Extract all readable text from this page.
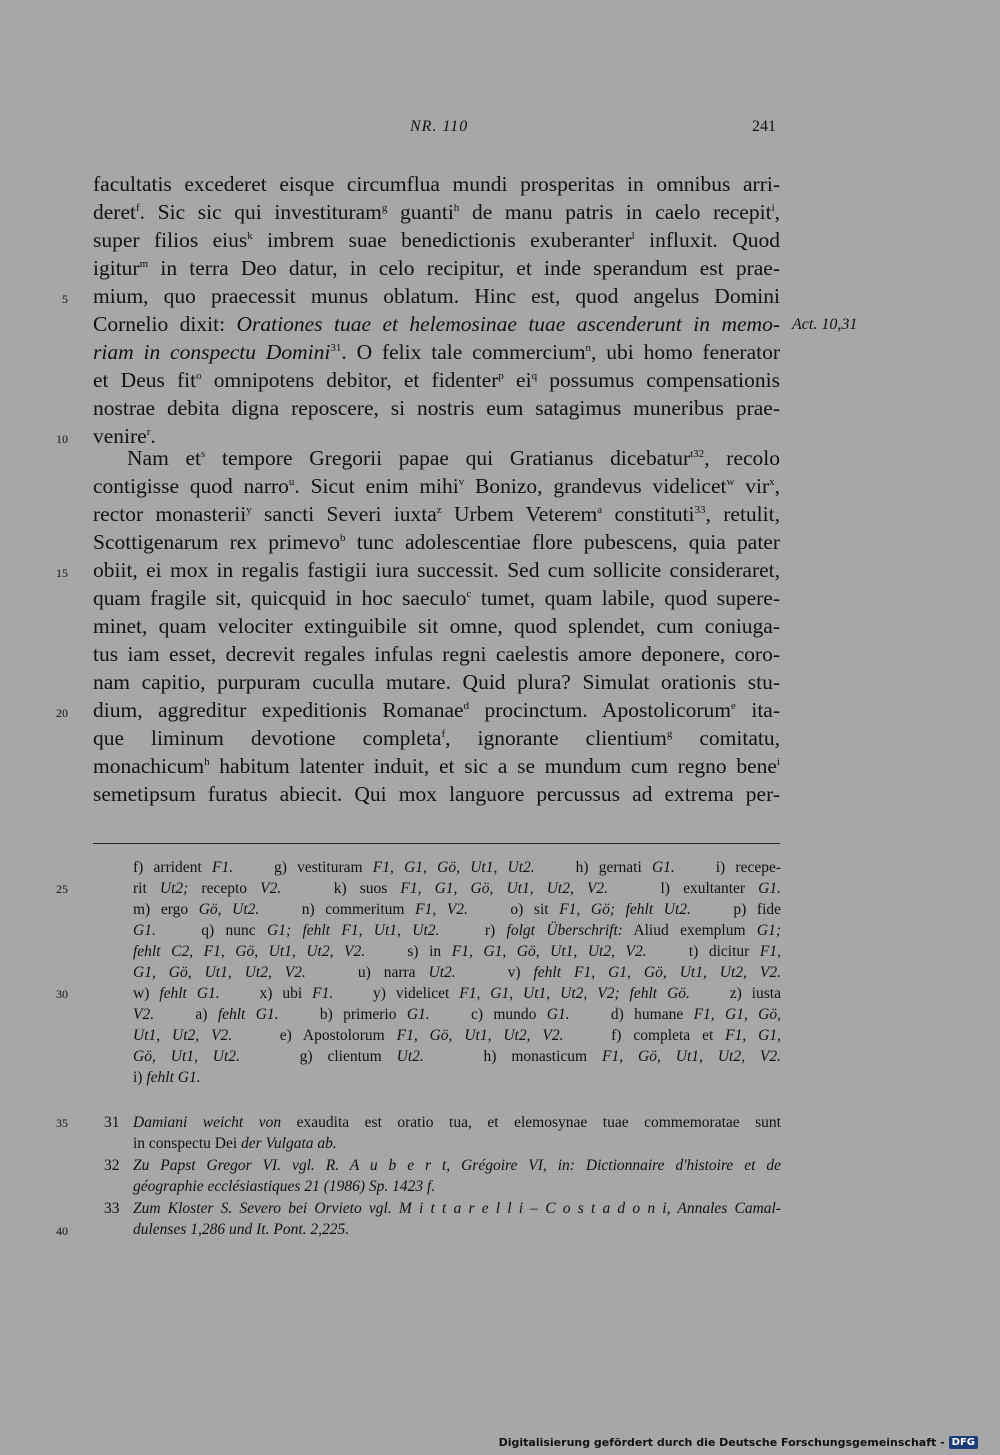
NR. 110	241
facultatis excederet eisque circumflua mundi prosperitas in omnibus arri-
deret$^f$. Sic sic qui investituram$^g$ guanti$^h$ de manu patris in caelo recepit$^i$,
super filios eius$^k$ imbrem suae benedictionis exuberanter$^l$ influxit. Quod
igitur$^m$ in terra Deo datur, in celo recipitur, et inde sperandum est prae-
mium, quo praecessit munus oblatum. Hinc est, quod angelus Domini
Cornelio dixit: Orationes tuae et helemosinae tuae ascenderunt in memo-
riam in conspectu Domini$^{31}$. O felix tale commercium$^n$, ubi homo fenerator
et Deus fit$^o$ omnipotens debitor, et fidenter$^p$ $ei^q$ possumus compensationis
nostrae debita digna reposcere, si nostris eum satagimus muneribus prae-
venire$^r$.
Nam $et^s$ tempore Gregorii papae qui Gratianus dicebatur$^{t32}$, recolo
contigisse quod narro$^u$. Sicut enim mihi$^v$ Bonizo, grandevus videlicet$^w$ vir$^x$,
rector monasterii$^y$ sancti Severi iuxta$^z$ Urbem Veterem$^a$ constituti$^{33}$, retulit,
Scottigenarum rex primevo$^b$ tunc adolescentiae flore pubescens, quia pater
obiit, ei mox in regalis fastigii iura successit. Sed cum sollicite consideraret,
quam fragile sit, quicquid in hoc saeculo$^c$ tumet, quam labile, quod supere-
minet, quam velociter extinguibile sit omne, quod splendet, cum coniuga-
tus iam esset, decrevit regales infulas regni caelestis amore deponere, coro-
nam capitio, purpuram cuculla mutare. Quid plura? Simulat orationis stu-
dium, aggreditur expeditionis Romanae$^d$ procinctum. Apostolicorum$^e$ ita-
que liminum devotione completa$^f$, ignorante clientium$^g$ comitatu,
monachicum$^h$ habitum latenter induit, et sic a se mundum cum regno bene$^i$
semetipsum furatus abiecit. Qui mox languore percussus ad extrema per-
Act. 10,31
5
10
15
20
f) arrident F1.    g) vestituram F1, G1, Gö, Ut1, Ut2.    h) gernati G1.    i) recepe-
rit Ut2; recepto V2.    k) suos F1, G1, Gö, Ut1, Ut2, V2.    l) exultanter G1.
m) ergo Gö, Ut2.    n) commeritum F1, V2.    o) sit F1, Gö; fehlt Ut2.    p) fide
G1.    q) nunc G1; fehlt F1, Ut1, Ut2.    r) folgt Überschrift: Aliud exemplum G1;
fehlt C2, F1, Gö, Ut1, Ut2, V2.    s) in F1, G1, Gö, Ut1, Ut2, V2.    t) dicitur F1,
G1, Gö, Ut1, Ut2, V2.    u) narra Ut2.    v) fehlt F1, G1, Gö, Ut1, Ut2, V2.
w) fehlt G1.    x) ubi F1.    y) videlicet F1, G1, Ut1, Ut2, V2; fehlt Gö.    z) iusta
V2.    a) fehlt G1.    b) primerio G1.    c) mundo G1.    d) humane F1, G1, Gö,
Ut1, Ut2, V2.    e) Apostolorum F1, Gö, Ut1, Ut2, V2.    f) completa et F1, G1,
Gö, Ut1, Ut2.    g) clientum Ut2.    h) monasticum F1, Gö, Ut1, Ut2, V2.
i) fehlt G1.
25
30
35
40
31 Damiani weicht von exaudita est oratio tua, et elemosynae tuae commemoratae sunt
in conspectu Dei der Vulgata ab.
32 Zu Papst Gregor VI. vgl. R. A u b e r t, Grégoire VI, in: Dictionnaire d'histoire et de
géographie ecclésiastiques 21 (1986) Sp. 1423 f.
33 Zum Kloster S. Severo bei Orvieto vgl. M i t t a r e l l i – C o s t a d o n i, Annales Camal-
dulenses 1,286 und It. Pont. 2,225.
Digitalisierung gefördert durch die Deutsche Forschungsgemeinschaft - DFG
